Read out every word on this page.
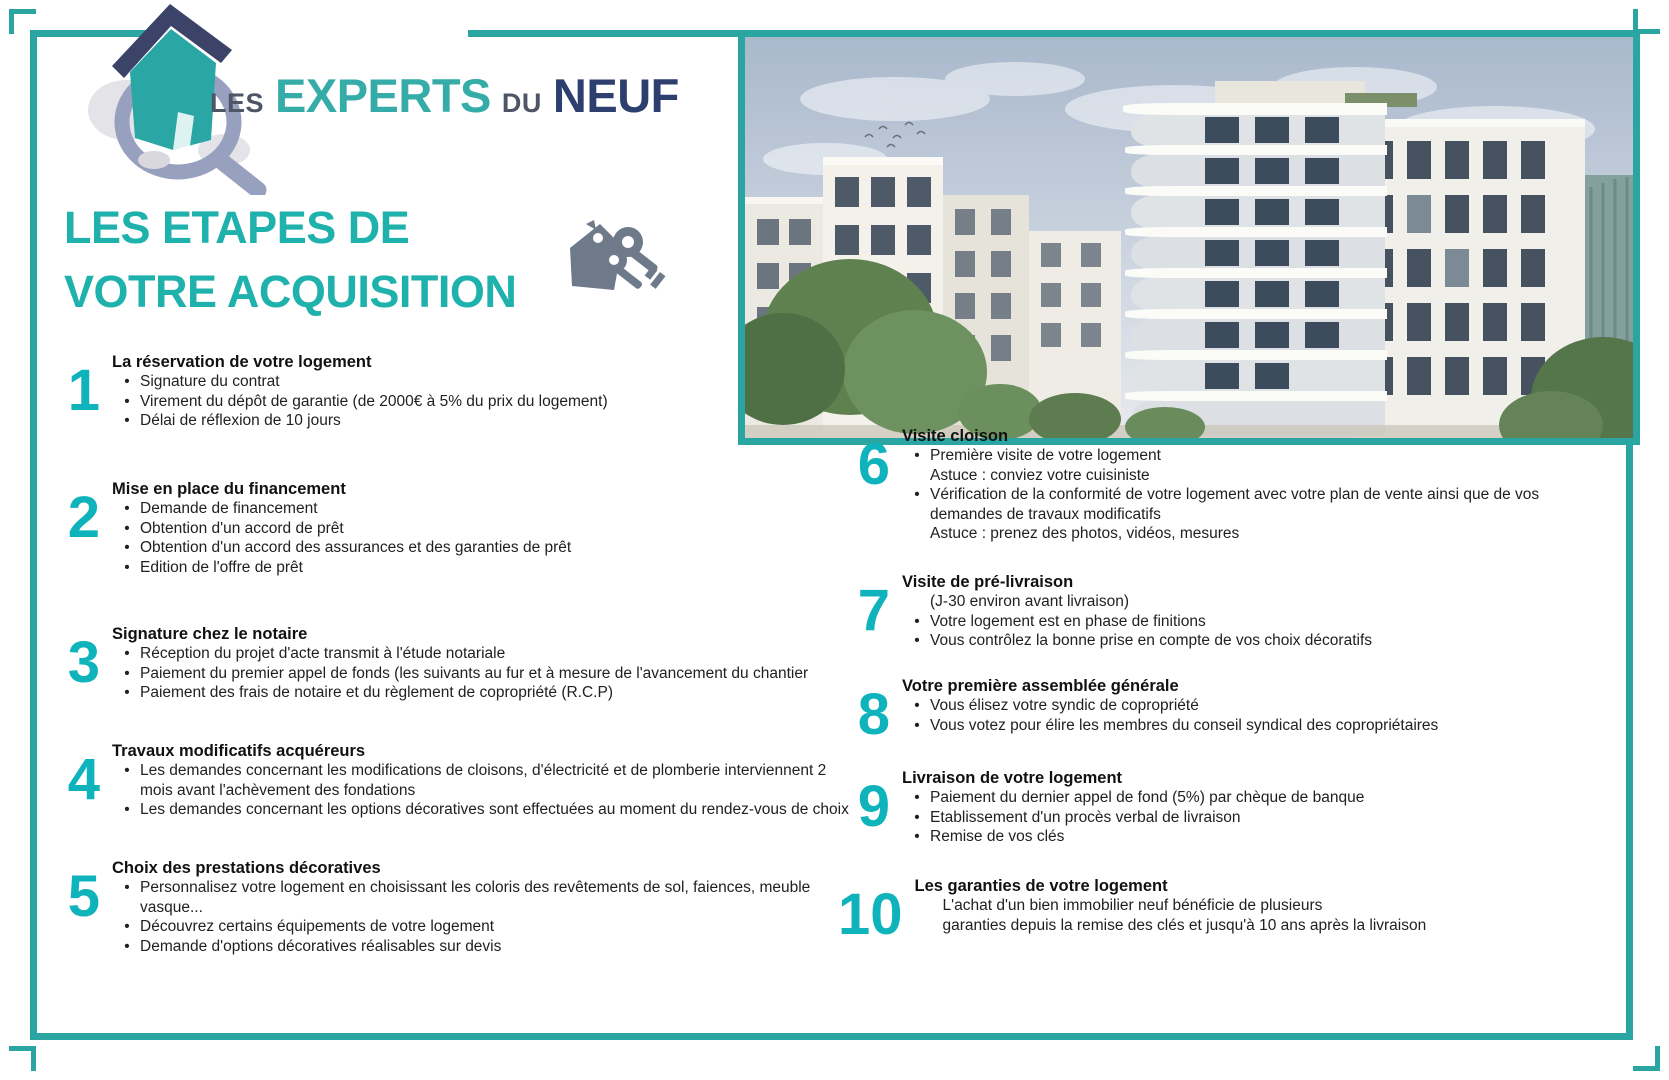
LES EXPERTS DU NEUF
LES ETAPES DE
VOTRE ACQUISITION
1 La réservation de votre logement
• Signature du contrat
• Virement du dépôt de garantie (de 2000€ à 5% du prix du logement)
• Délai de réflexion de 10 jours
2 Mise en place du financement
• Demande de financement
• Obtention d'un accord de prêt
• Obtention d'un accord des assurances et des garanties de prêt
• Edition de l'offre de prêt
3 Signature chez le notaire
• Réception du projet d'acte transmit à l'étude notariale
• Paiement du premier appel de fonds (les suivants au fur et à mesure de l'avancement du chantier
• Paiement des frais de notaire et du règlement de copropriété (R.C.P)
4 Travaux modificatifs acquéreurs
• Les demandes concernant les modifications de cloisons, d'électricité et de plomberie interviennent 2 mois avant l'achèvement des fondations
• Les demandes concernant les options décoratives sont effectuées au moment du rendez-vous de choix
5 Choix des prestations décoratives
• Personnalisez votre logement en choisissant les coloris des revêtements de sol, faiences, meuble vasque...
• Découvrez certains équipements de votre logement
• Demande d'options décoratives réalisables sur devis
6 Visite cloison
• Première visite de votre logement
Astuce : conviez votre cuisiniste
• Vérification de la conformité de votre logement avec votre plan de vente ainsi que de vos demandes de travaux modificatifs
Astuce : prenez des photos, vidéos, mesures
7 Visite de pré-livraison
(J-30 environ avant livraison)
• Votre logement est en phase de finitions
• Vous contrôlez la bonne prise en compte de vos choix décoratifs
8 Votre première assemblée générale
• Vous élisez votre syndic de copropriété
• Vous votez pour élire les membres du conseil syndical des copropriétaires
9 Livraison de votre logement
• Paiement du dernier appel de fond (5%) par chèque de banque
• Etablissement d'un procès verbal de livraison
• Remise de vos clés
10 Les garanties de votre logement
L'achat d'un bien immobilier neuf bénéficie de plusieurs
garanties depuis la remise des clés et jusqu'à 10 ans après la livraison
